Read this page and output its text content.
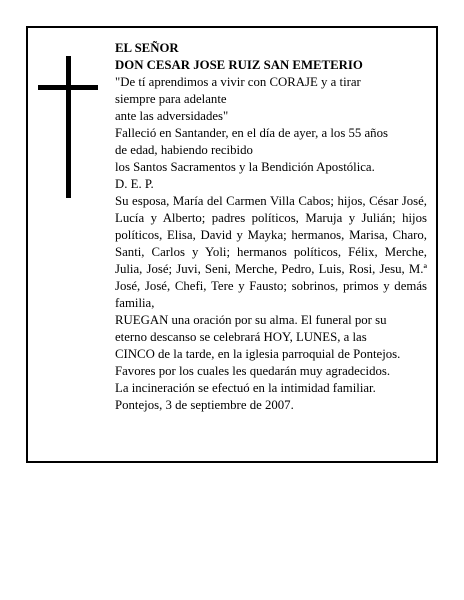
EL SEÑOR
DON CESAR JOSE RUIZ SAN EMETERIO
"De tí aprendimos a vivir con CORAJE y a tirar
siempre para adelante
ante las adversidades"
Falleció en Santander, en el día de ayer, a los 55 años
de edad, habiendo recibido
los Santos Sacramentos y la Bendición Apostólica.
D. E. P.
Su esposa, María del Carmen Villa Cabos; hijos, César José, Lucía y Alberto; padres políticos, Maruja y Julián; hijos políticos, Elisa, David y Mayka; hermanos, Marisa, Charo, Santi, Carlos y Yoli; hermanos políticos, Félix, Merche, Julia, José; Juvi, Seni, Merche, Pedro, Luis, Rosi, Jesu, M.ª José, José, Chefi, Tere y Fausto; sobrinos, primos y demás familia,
RUEGAN una oración por su alma. El funeral por su
eterno descanso se celebrará HOY, LUNES, a las
CINCO de la tarde, en la iglesia parroquial de Pontejos.
Favores por los cuales les quedarán muy agradecidos.
La incineración se efectuó en la intimidad familiar.
Pontejos, 3 de septiembre de 2007.
